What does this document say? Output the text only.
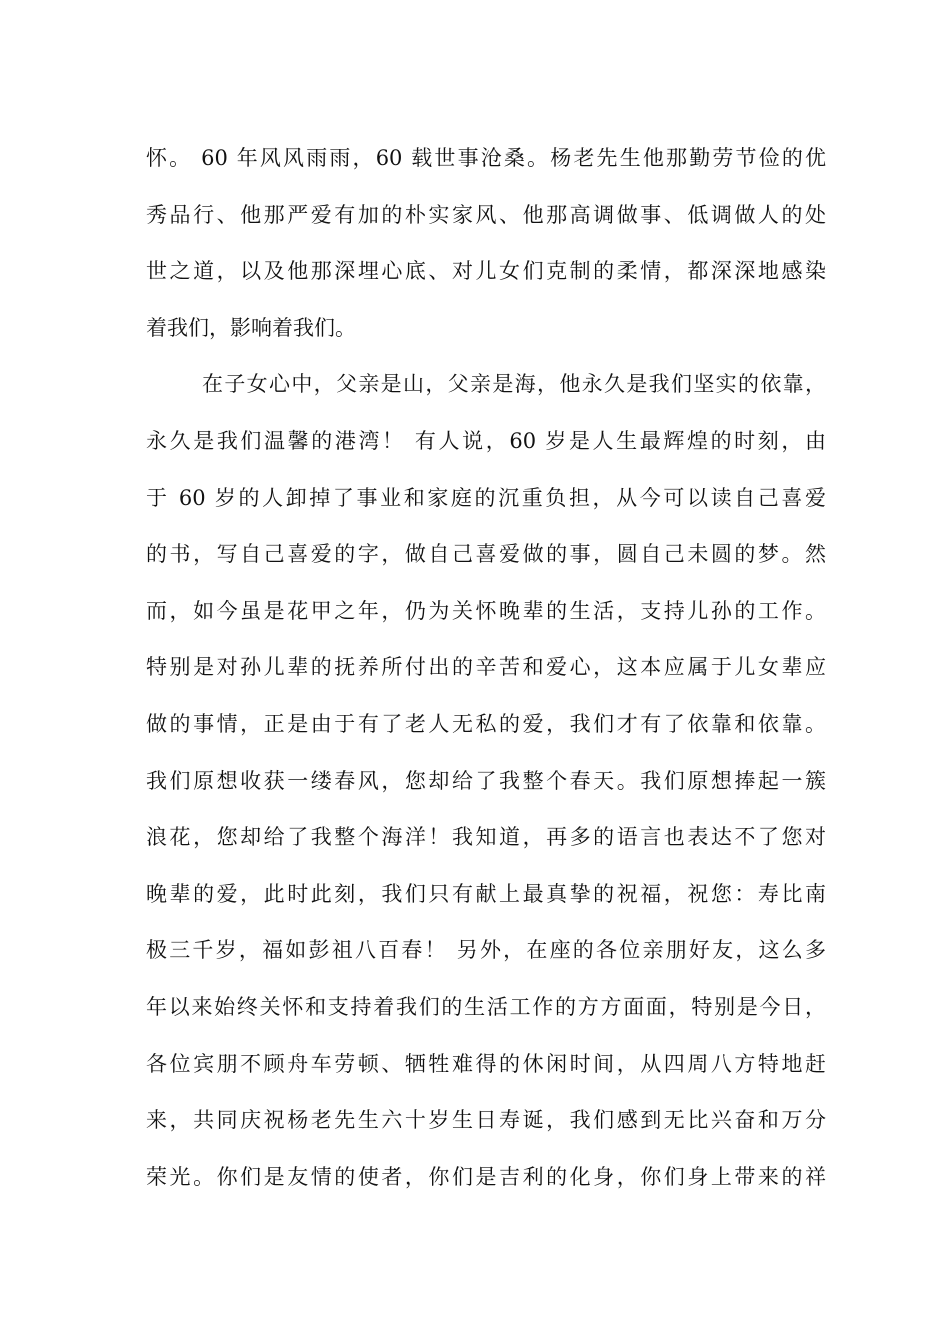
怀。 60 年风风雨雨，60 载世事沧桑。杨老先生他那勤劳节俭的优
秀品行、他那严爱有加的朴实家风、他那高调做事、低调做人的处
世之道，以及他那深埋心底、对儿女们克制的柔情，都深深地感染
着我们，影响着我们。
在子女心中，父亲是山，父亲是海，他永久是我们坚实的依靠，
永久是我们温馨的港湾！ 有人说，60 岁是人生最辉煌的时刻，由
于 60 岁的人卸掉了事业和家庭的沉重负担，从今可以读自己喜爱
的书，写自己喜爱的字，做自己喜爱做的事，圆自己未圆的梦。然
而，如今虽是花甲之年，仍为关怀晚辈的生活，支持儿孙的工作。
特别是对孙儿辈的抚养所付出的辛苦和爱心，这本应属于儿女辈应
做的事情，正是由于有了老人无私的爱，我们才有了依靠和依靠。
我们原想收获一缕春风，您却给了我整个春天。我们原想捧起一簇
浪花，您却给了我整个海洋！我知道，再多的语言也表达不了您对
晚辈的爱，此时此刻，我们只有献上最真挚的祝福，祝您：寿比南
极三千岁，福如彭祖八百春！ 另外，在座的各位亲朋好友，这么多
年以来始终关怀和支持着我们的生活工作的方方面面，特别是今日，
各位宾朋不顾舟车劳顿、牺牲难得的休闲时间，从四周八方特地赶
来，共同庆祝杨老先生六十岁生日寿诞，我们感到无比兴奋和万分
荣光。你们是友情的使者，你们是吉利的化身，你们身上带来的祥
